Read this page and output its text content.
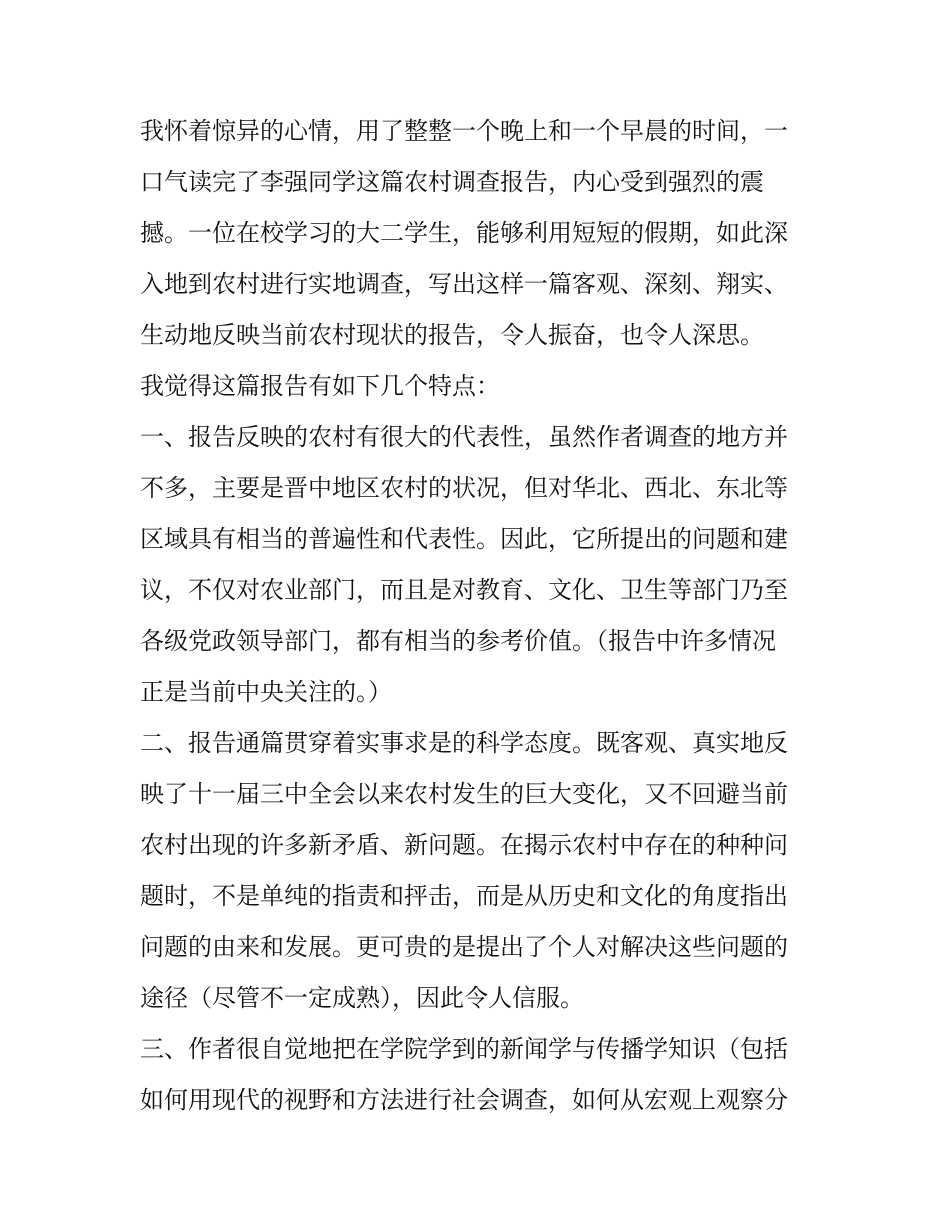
我怀着惊异的心情，用了整整一个晚上和一个早晨的时间，一
口气读完了李强同学这篇农村调查报告，内心受到强烈的震
撼。一位在校学习的大二学生，能够利用短短的假期，如此深
入地到农村进行实地调查，写出这样一篇客观、深刻、翔实、
生动地反映当前农村现状的报告，令人振奋，也令人深思。
我觉得这篇报告有如下几个特点：
一、报告反映的农村有很大的代表性，虽然作者调查的地方并
不多，主要是晋中地区农村的状况，但对华北、西北、东北等
区域具有相当的普遍性和代表性。因此，它所提出的问题和建
议，不仅对农业部门，而且是对教育、文化、卫生等部门乃至
各级党政领导部门，都有相当的参考价值。（报告中许多情况
正是当前中央关注的。）
二、报告通篇贯穿着实事求是的科学态度。既客观、真实地反
映了十一届三中全会以来农村发生的巨大变化，又不回避当前
农村出现的许多新矛盾、新问题。在揭示农村中存在的种种问
题时，不是单纯的指责和抨击，而是从历史和文化的角度指出
问题的由来和发展。更可贵的是提出了个人对解决这些问题的
途径（尽管不一定成熟），因此令人信服。
三、作者很自觉地把在学院学到的新闻学与传播学知识（包括
如何用现代的视野和方法进行社会调查，如何从宏观上观察分
